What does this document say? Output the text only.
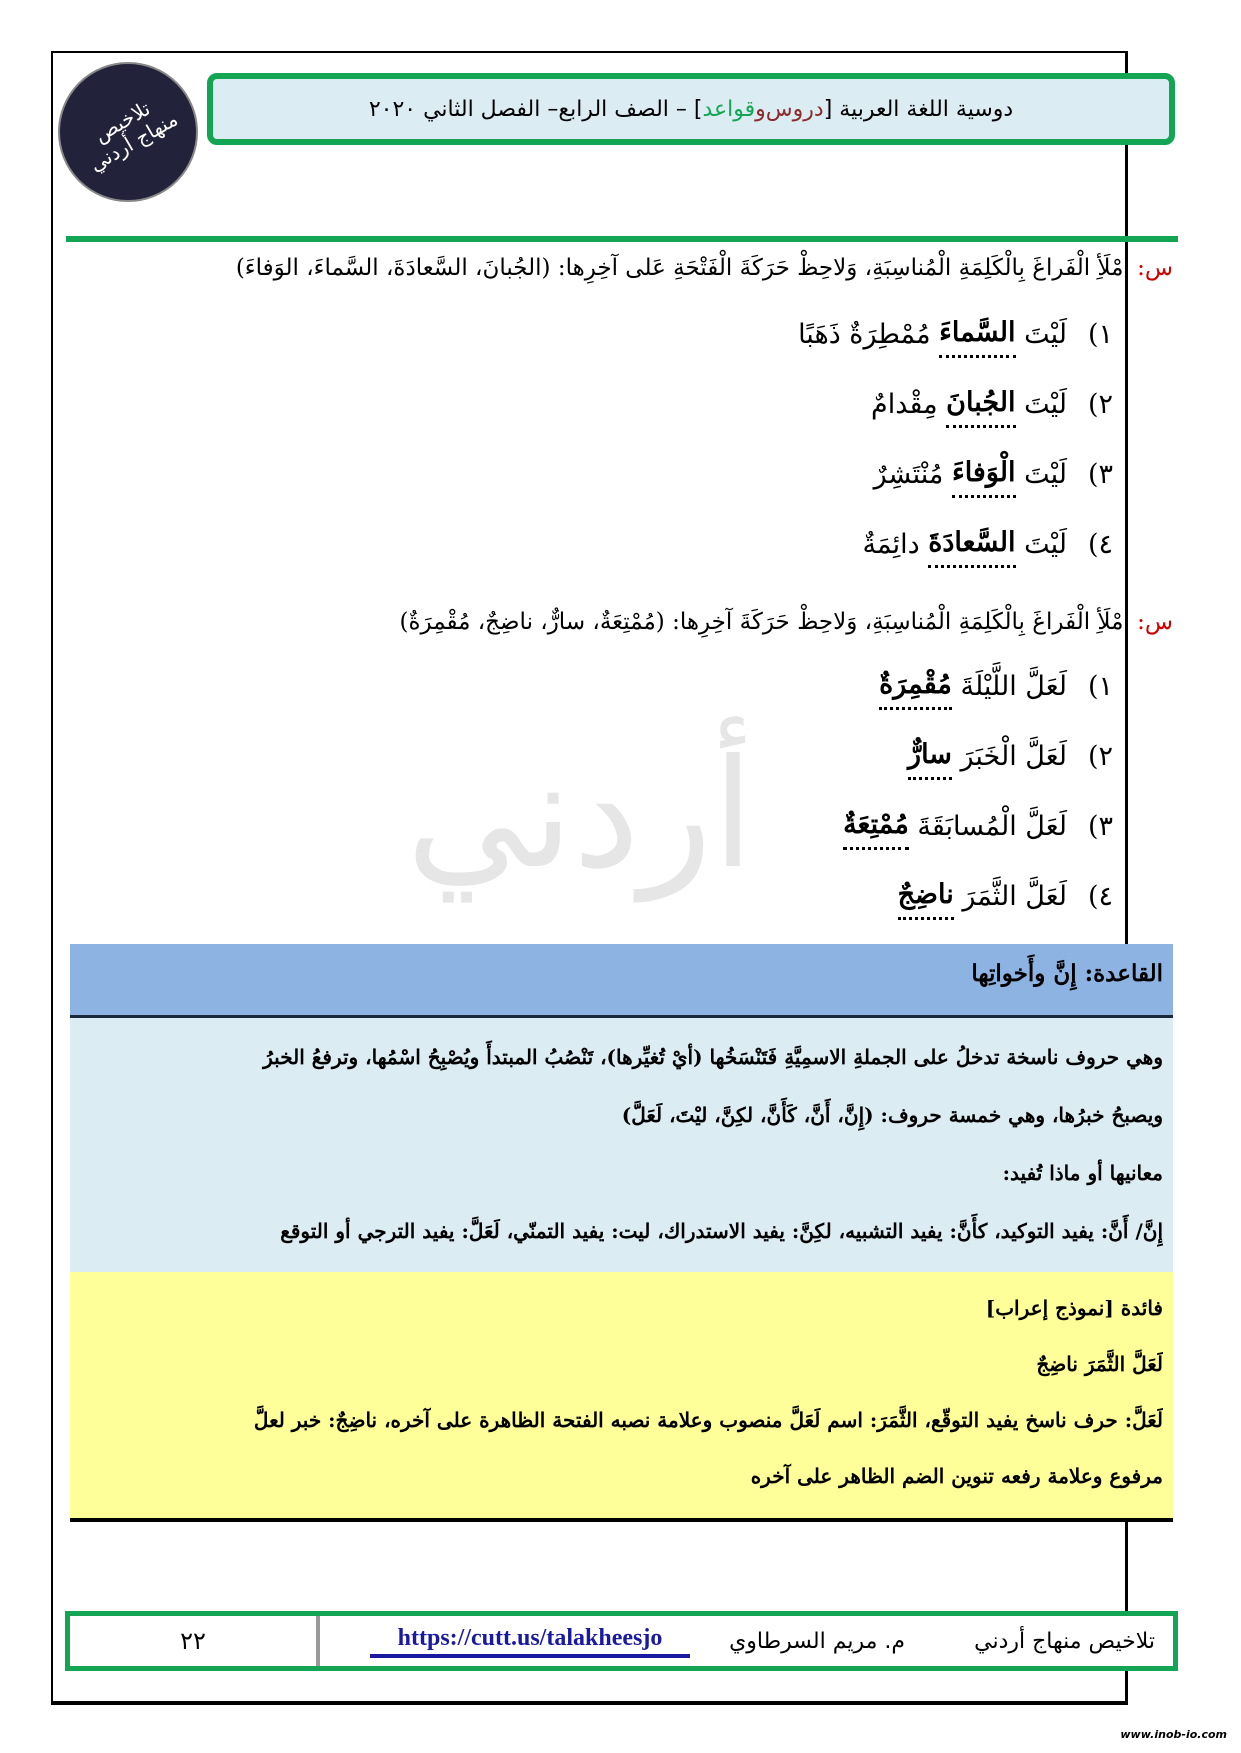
تلاخيص منهاج أردني	دوسية اللغة العربية [
دروس
و
قواعد
] – الصف الرابع– الفصل الثاني ٢٠٢٠
أردني
س: امْلَأِ الْفَراغَ بِالْكَلِمَةِ الْمُناسِبَةِ، وَلاحِظْ حَرَكَةَ الْفَتْحَةِ عَلى آخِرِها: (الجُبانَ، السَّعادَةَ، السَّماءَ، الوَفاءَ)
١)
لَيْتَ

السَّماءَ

مُمْطِرَةٌ ذَهَبًا
٢)
لَيْتَ

الجُبانَ

مِقْدامٌ
٣)
لَيْتَ

الْوَفاءَ

مُنْتَشِرٌ
٤)
لَيْتَ

السَّعادَةَ

دائِمَةٌ
س: امْلَأِ الْفَراغَ بِالْكَلِمَةِ الْمُناسِبَةِ، وَلاحِظْ حَرَكَةَ آخِرِها: (مُمْتِعَةٌ، سارٌّ، ناضِجٌ، مُقْمِرَةٌ)
١)
لَعَلَّ اللَّيْلَةَ

مُقْمِرَةٌ
٢)
لَعَلَّ الْخَبَرَ

سارٌّ
٣)
لَعَلَّ الْمُسابَقَةَ

مُمْتِعَةٌ
٤)
لَعَلَّ الثَّمَرَ

ناضِجٌ
القاعدة: إِنَّ وأَخواتِها
وهي حروف ناسخة تدخلُ على الجملةِ الاسمِيَّةِ فَتَنْسَخُها (أيْ تُغيِّرها)، تَنْصُبُ المبتدأَ ويُصْبِحُ اسْمُها، وترفعُ الخبرُ
ويصبحُ خبرُها، وهي خمسة حروف: (إِنَّ، أَنَّ، كَأَنَّ، لكِنَّ، ليْتَ، لَعَلَّ)
معانيها أو ماذا تُفيد:
إِنَّ/ أَنَّ: يفيد التوكيد، كأَنَّ: يفيد التشبيه، لكِنَّ: يفيد الاستدراك، ليت: يفيد التمنّي، لَعَلَّ: يفيد الترجي أو التوقع
فائدة [نموذج إعراب]
لَعَلَّ الثَّمَرَ ناضِجٌ
لَعَلَّ: حرف ناسخ يفيد التوقّع، الثَّمَرَ: اسم لَعَلَّ منصوب وعلامة نصبه الفتحة الظاهرة على آخره، ناضِجٌ: خبر لعلَّ
مرفوع وعلامة رفعه تنوين الضم الظاهر على آخره
تلاخيص منهاج أردني
م. مريم السرطاوي
https://cutt.us/talakheesjo
٢٢
www.inob-io.com
